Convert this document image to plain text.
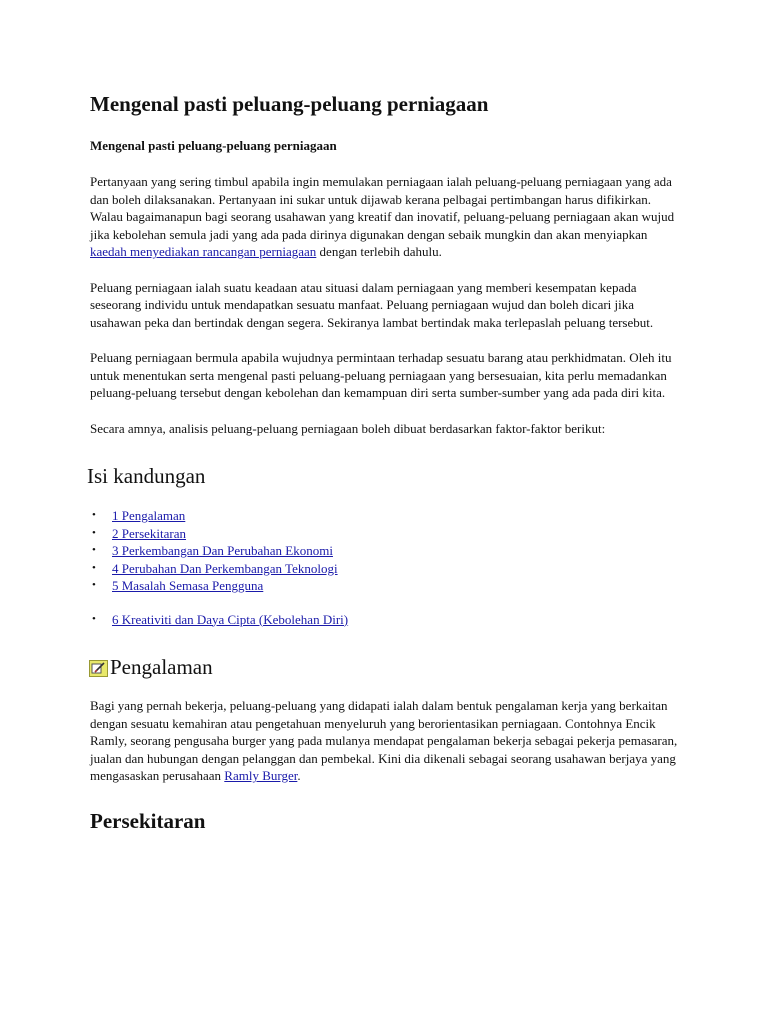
Mengenal pasti peluang-peluang perniagaan
Mengenal pasti peluang-peluang perniagaan

Pertanyaan yang sering timbul apabila ingin memulakan perniagaan ialah peluang-peluang perniagaan yang ada dan boleh dilaksanakan. Pertanyaan ini sukar untuk dijawab kerana pelbagai pertimbangan harus difikirkan. Walau bagaimanapun bagi seorang usahawan yang kreatif dan inovatif, peluang-peluang perniagaan akan wujud jika kebolehan semula jadi yang ada pada dirinya digunakan dengan sebaik mungkin dan akan menyiapkan kaedah menyediakan rancangan perniagaan dengan terlebih dahulu.

Peluang perniagaan ialah suatu keadaan atau situasi dalam perniagaan yang memberi kesempatan kepada seseorang individu untuk mendapatkan sesuatu manfaat. Peluang perniagaan wujud dan boleh dicari jika usahawan peka dan bertindak dengan segera. Sekiranya lambat bertindak maka terlepaslah peluang tersebut.

Peluang perniagaan bermula apabila wujudnya permintaan terhadap sesuatu barang atau perkhidmatan. Oleh itu untuk menentukan serta mengenal pasti peluang-peluang perniagaan yang bersesuaian, kita perlu memadankan peluang-peluang tersebut dengan kebolehan dan kemampuan diri serta sumber-sumber yang ada pada diri kita.

Secara amnya, analisis peluang-peluang perniagaan boleh dibuat berdasarkan faktor-faktor berikut:

Isi kandungan
• 1 Pengalaman
• 2 Persekitaran
• 3 Perkembangan Dan Perubahan Ekonomi
• 4 Perubahan Dan Perkembangan Teknologi
• 5 Masalah Semasa Pengguna
• 6 Kreativiti dan Daya Cipta (Kebolehan Diri)
Pengalaman

Bagi yang pernah bekerja, peluang-peluang yang didapati ialah dalam bentuk pengalaman kerja yang berkaitan dengan sesuatu kemahiran atau pengetahuan menyeluruh yang berorientasikan perniagaan. Contohnya Encik Ramly, seorang pengusaha burger yang pada mulanya mendapat pengalaman bekerja sebagai pekerja pemasaran, jualan dan hubungan dengan pelanggan dan pembekal. Kini dia dikenali sebagai seorang usahawan berjaya yang mengasaskan perusahaan Ramly Burger.

Persekitaran
